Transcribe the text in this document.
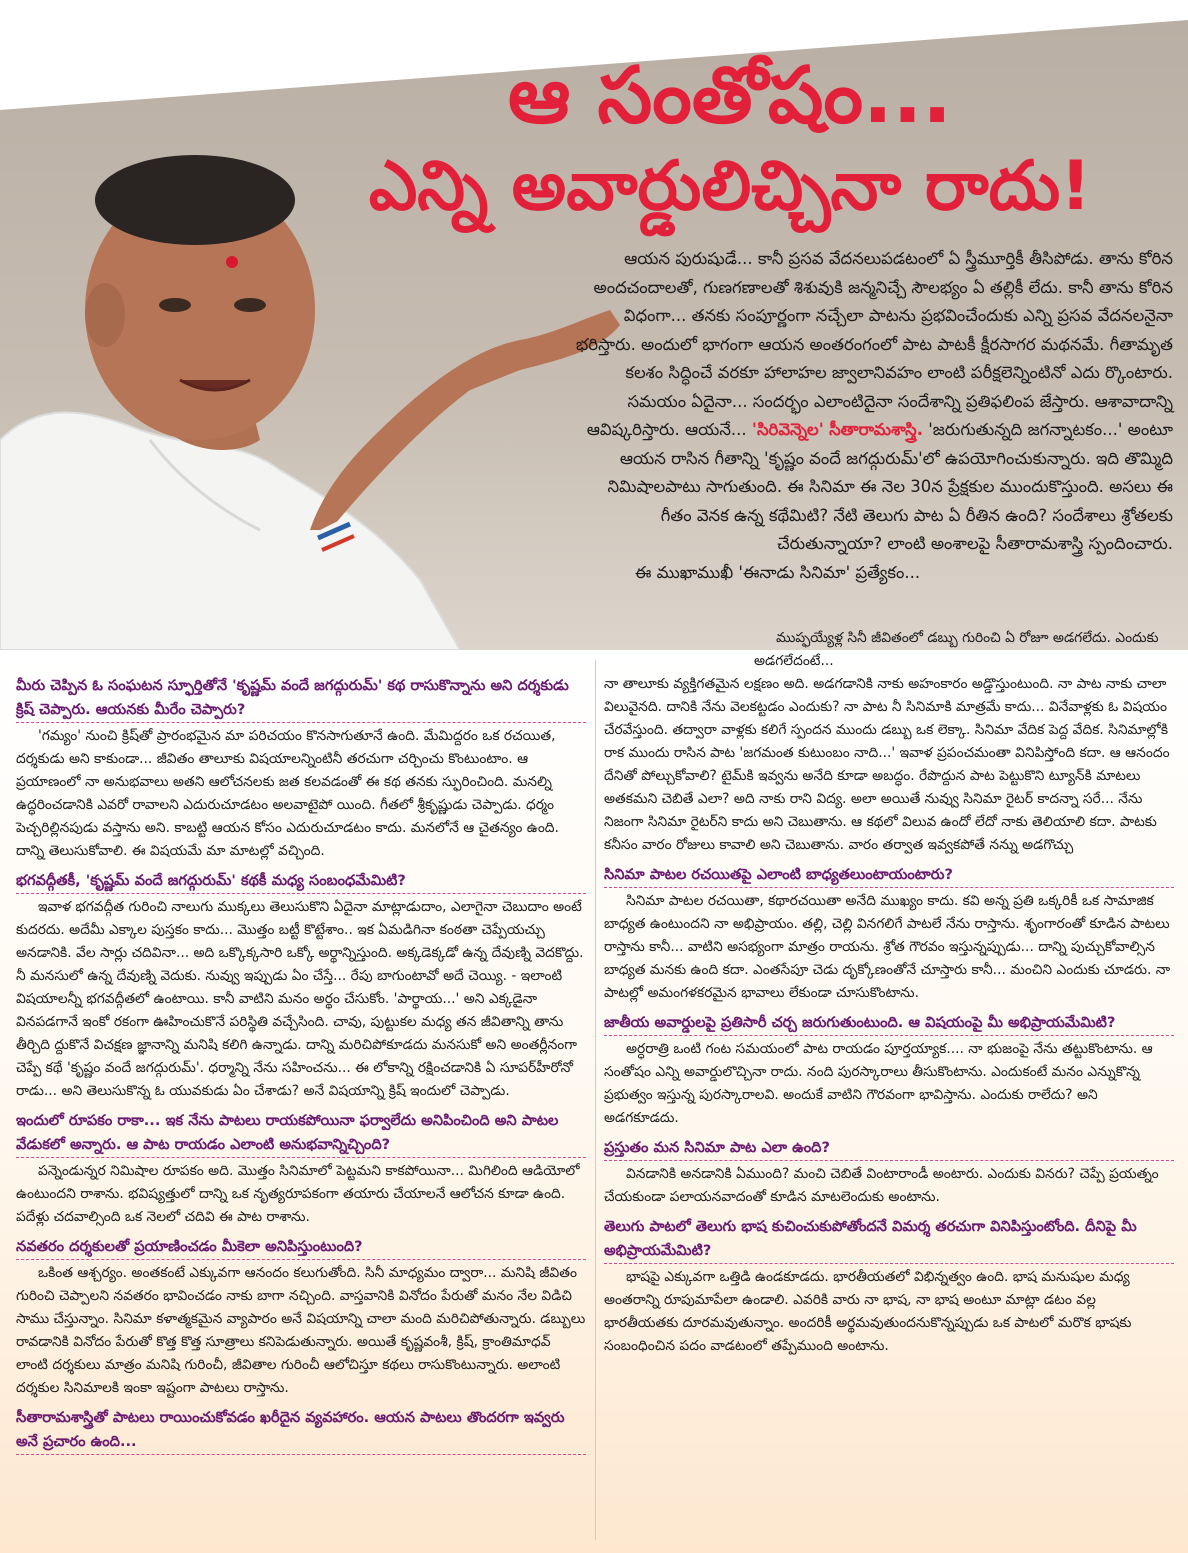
ఆ సంతోషం...
ఎన్ని అవార్డులిచ్చినా రాదు!

ఆయన పురుషుడే... కానీ ప్రసవ వేదనలుపడటంలో ఏ స్త్రీమూర్తికీ తీసిపోడు. తాను కోరిన అందచందాలతో, గుణగణాలతో శిశువుకి జన్మనిచ్చే సౌలభ్యం ఏ తల్లికీ లేదు. కానీ తాను కోరిన విధంగా... తనకు సంపూర్ణంగా నచ్చేలా పాటను ప్రభవించేందుకు ఎన్ని ప్రసవ వేదనలనైనా భరిస్తారు. అందులో భాగంగా ఆయన అంతరంగంలో పాట పాటకీ క్షీరసాగర మథనమే. గీతామృత కలశం సిద్ధించే వరకూ హాలాహల జ్వాలానివహం లాంటి పరీక్షలెన్నింటినో ఎదు ర్కొంటారు. సమయం ఏదైనా... సందర్భం ఎలాంటిదైనా సందేశాన్ని ప్రతిఫలింప జేస్తారు. ఆశావాదాన్ని ఆవిష్కరిస్తారు. ఆయనే... 'సిరివెన్నెల' సీతారామశాస్త్రి. 'జరుగుతున్నది జగన్నాటకం...' అంటూ ఆయన రాసిన గీతాన్ని 'కృష్ణం వందే జగద్గురుమ్'లో ఉపయోగించుకున్నారు. ఇది తొమ్మిది నిమిషాలపాటు సాగుతుంది. ఈ సినిమా ఈ నెల 30న ప్రేక్షకుల ముందుకొస్తుంది. అసలు ఈ గీతం వెనక ఉన్న కథేమిటి? నేటి తెలుగు పాట ఏ రీతిన ఉంది? సందేశాలు శ్రోతలకు చేరుతున్నాయా? లాంటి అంశాలపై సీతారామశాస్త్రి స్పందించారు.

ఈ ముఖాముఖీ 'ఈనాడు సినిమా' ప్రత్యేకం...

మీరు చెప్పిన ఓ సంఘటన స్ఫూర్తితోనే 'కృష్ణమ్ వందే జగద్గురుమ్' కథ రాసుకొన్నాను అని దర్శకుడు క్రిష్ చెప్పారు. ఆయనకు మీరేం చెప్పారు?

'గమ్యం' నుంచి క్రిష్‌తో ప్రారంభమైన మా పరిచయం కొనసాగుతూనే ఉంది. మేమిద్దరం ఒక రచయిత, దర్శకుడు అని కాకుండా... జీవితం తాలూకు విషయాలన్నింటినీ తరచుగా చర్చించు కొంటుంటాం. ఆ ప్రయాణంలో నా అనుభవాలు అతని ఆలోచనలకు జత కలవడంతో ఈ కథ తనకు స్ఫురించింది. మనల్ని ఉద్ధరించడానికి ఎవరో రావాలని ఎదురుచూడటం అలవాటైపో యింది. గీతలో శ్రీకృష్ణుడు చెప్పాడు. ధర్మం పెచ్చరిల్లినపుడు వస్తాను అని. కాబట్టి ఆయన కోసం ఎదురుచూడటం కాదు. మనలోనే ఆ చైతన్యం ఉంది. దాన్ని తెలుసుకోవాలి. ఈ విషయమే మా మాటల్లో వచ్చింది.

భగవద్గీతకీ, 'కృష్ణమ్ వందే జగద్గురుమ్' కథకీ మధ్య సంబంధమేమిటి?

ఇవాళ భగవద్గీత గురించి నాలుగు ముక్కలు తెలుసుకొని ఏదైనా మాట్లాడుదాం, ఎలాగైనా చెబుదాం అంటే కుదరదు. అదేమీ ఎక్కాల పుస్తకం కాదు... మొత్తం బట్టీ కొట్టేశాం.. ఇక ఏమడిగినా కంఠతా చెప్పేయచ్చు అనడానికి. వేల సార్లు చదివినా... అది ఒక్కొక్కసారి ఒక్కో అర్థాన్నిస్తుంది. అక్కడెక్కడో ఉన్న దేవుణ్ని వెదకొద్దు. నీ మనసులో ఉన్న దేవుణ్ని వెదుకు. నువ్వు ఇప్పుడు ఏం చేస్తే... రేపు బాగుంటావో అదే చెయ్యి. - ఇలాంటి విషయాలన్నీ భగవద్గీతలో ఉంటాయి. కానీ వాటిని మనం అర్థం చేసుకోం. 'పార్థాయ...' అని ఎక్కడైనా వినపడగానే ఇంకో రకంగా ఊహించుకొనే పరిస్థితి వచ్చేసింది. చావు, పుట్టుకల మధ్య తన జీవితాన్ని తాను తీర్చిది ద్దుకొనే విచక్షణ జ్ఞానాన్ని మనిషి కలిగి ఉన్నాడు. దాన్ని మరిచిపోకూడదు మనసుకో అని అంతర్లీనంగా చెప్పే కథే 'కృష్ణం వందే జగద్గురుమ్'. ధర్మాన్ని నేను సహించను... ఈ లోకాన్ని రక్షించడానికి ఏ సూపర్‌హీరోనో రాడు... అని తెలుసుకొన్న ఓ యువకుడు ఏం చేశాడు? అనే విషయాన్ని క్రిష్ ఇందులో చెప్పాడు.

ఇందులో రూపకం రాకా... ఇక నేను పాటలు రాయకపోయినా ఫర్వాలేదు అనిపించింది అని పాటల వేడుకలో అన్నారు. ఆ పాట రాయడం ఎలాంటి అనుభవాన్నిచ్చింది?

పన్నెండున్నర నిమిషాల రూపకం అది. మొత్తం సినిమాలో పెట్టమని కాకపోయినా... మిగిలింది ఆడియోలో ఉంటుందని రాశాను. భవిష్యత్తులో దాన్ని ఒక నృత్యరూపకంగా తయారు చేయాలనే ఆలోచన కూడా ఉంది. పదేళ్లు చదవాల్సింది ఒక నెలలో చదివి ఈ పాట రాశాను.

నవతరం దర్శకులతో ప్రయాణించడం మీకెలా అనిపిస్తుంటుంది?

ఒకింత ఆశ్చర్యం. అంతకంటే ఎక్కువగా ఆనందం కలుగుతోంది. సినీ మాధ్యమం ద్వారా... మనిషి జీవితం గురించి చెప్పాలని నవతరం భావించడం నాకు బాగా నచ్చింది. వాస్తవానికి వినోదం పేరుతో మనం నేల విడిచి సాము చేస్తున్నాం. సినిమా కళాత్మకమైన వ్యాపారం అనే విషయాన్ని చాలా మంది మరిచిపోతున్నారు. డబ్బులు రావడానికి వినోదం పేరుతో కొత్త కొత్త సూత్రాలు కనిపెడుతున్నారు. అయితే కృష్ణవంశీ, క్రిష్, క్రాంతిమాధవ్ లాంటి దర్శకులు మాత్రం మనిషి గురించీ, జీవితాల గురించీ ఆలోచిస్తూ కథలు రాసుకొంటున్నారు. అలాంటి దర్శకుల సినిమాలకి ఇంకా ఇష్టంగా పాటలు రాస్తాను.

సీతారామశాస్త్రితో పాటలు రాయించుకోవడం ఖరీదైన వ్యవహారం. ఆయన పాటలు తొందరగా ఇవ్వరు అనే ప్రచారం ఉంది...

ముప్ఫయ్యేళ్ల సినీ జీవితంలో డబ్బు గురించి ఏ రోజూ అడగలేదు. ఎందుకు అడగలేదంటే...

నా తాలూకు వ్యక్తిగతమైన లక్షణం అది. అడగడానికి నాకు అహంకారం అడ్డొస్తుంటుంది. నా పాట నాకు చాలా విలువైనది. దానికి నేను వెలకట్టడం ఎందుకు? నా పాట నీ సినిమాకి మాత్రమే కాదు... వినేవాళ్లకు ఓ విషయం చేరవేస్తుంది. తద్వారా వాళ్లకు కలిగే స్పందన ముందు డబ్బు ఒక లెక్కా. సినిమా వేదిక పెద్ద వేదిక. సినిమాల్లోకి రాక ముందు రాసిన పాట 'జగమంత కుటుంబం నాది...' ఇవాళ ప్రపంచమంతా వినిపిస్తోంది కదా. ఆ ఆనందం దేనితో పోల్చుకోవాలి? టైమ్‌కి ఇవ్వను అనేది కూడా అబద్ధం. రేపొద్దున పాట పెట్టుకొని ట్యూన్‌కి మాటలు అతకమని చెబితే ఎలా? అది నాకు రాని విద్య. అలా అయితే నువ్వు సినిమా రైటర్ కాదన్నా సరే... నేను నిజంగా సినిమా రైటర్‌ని కాదు అని చెబుతాను. ఆ కథలో విలువ ఉందో లేదో నాకు తెలియాలి కదా. పాటకు కనీసం వారం రోజులు కావాలి అని చెబుతాను. వారం తర్వాత ఇవ్వకపోతే నన్ను అడగొచ్చు

సినిమా పాటల రచయితపై ఎలాంటి బాధ్యతలుంటాయంటారు?

సినిమా పాటల రచయితా, కథారచయితా అనేది ముఖ్యం కాదు. కవి అన్న ప్రతి ఒక్కరికీ ఒక సామాజిక బాధ్యత ఉంటుందని నా అభిప్రాయం. తల్లి, చెల్లి వినగలిగే పాటలే నేను రాస్తాను. శృంగారంతో కూడిన పాటలు రాస్తాను కానీ... వాటిని అసభ్యంగా మాత్రం రాయను. శ్రోత గౌరవం ఇస్తున్నప్పుడు... దాన్ని పుచ్చుకోవాల్సిన బాధ్యత మనకు ఉంది కదా. ఎంతసేపూ చెడు దృక్కోణంతోనే చూస్తారు కానీ... మంచిని ఎందుకు చూడరు. నా పాటల్లో అమంగళకరమైన భావాలు లేకుండా చూసుకొంటాను.

జాతీయ అవార్డులపై ప్రతిసారీ చర్చ జరుగుతుంటుంది. ఆ విషయంపై మీ అభిప్రాయమేమిటి?

అర్ధరాత్రి ఒంటి గంట సమయంలో పాట రాయడం పూర్తయ్యాక.... నా భుజంపై నేను తట్టుకొంటాను. ఆ సంతోషం ఎన్ని అవార్డులొచ్చినా రాదు. నంది పురస్కారాలు తీసుకొంటాను. ఎందుకంటే మనం ఎన్నుకొన్న ప్రభుత్వం ఇస్తున్న పురస్కారాలవి. అందుకే వాటిని గౌరవంగా భావిస్తాను. ఎందుకు రాలేదు? అని అడగకూడదు.

ప్రస్తుతం మన సినిమా పాట ఎలా ఉంది?

వినడానికి అనడానికి ఏముంది? మంచి చెబితే వింటారాండీ అంటారు. ఎందుకు వినరు? చెప్పే ప్రయత్నం చేయకుండా పలాయనవాదంతో కూడిన మాటలెందుకు అంటాను.

తెలుగు పాటలో తెలుగు భాష కుచించుకుపోతోందనే విమర్శ తరచుగా వినిపిస్తుంటోంది. దీనిపై మీ అభిప్రాయమేమిటి?

భాషపై ఎక్కువగా ఒత్తిడి ఉండకూడదు. భారతీయతలో విభిన్నత్వం ఉంది. భాష మనుషుల మధ్య అంతరాన్ని రూపుమాపేలా ఉండాలి. ఎవరికి వారు నా భాష, నా భాష అంటూ మాట్లా డటం వల్ల భారతీయతకు దూరమవుతున్నాం. అందరికీ అర్థమవుతుందనుకొన్నప్పుడు ఒక పాటలో మరొక భాషకు సంబంధించిన పదం వాడటంలో తప్పేముంది అంటాను.
